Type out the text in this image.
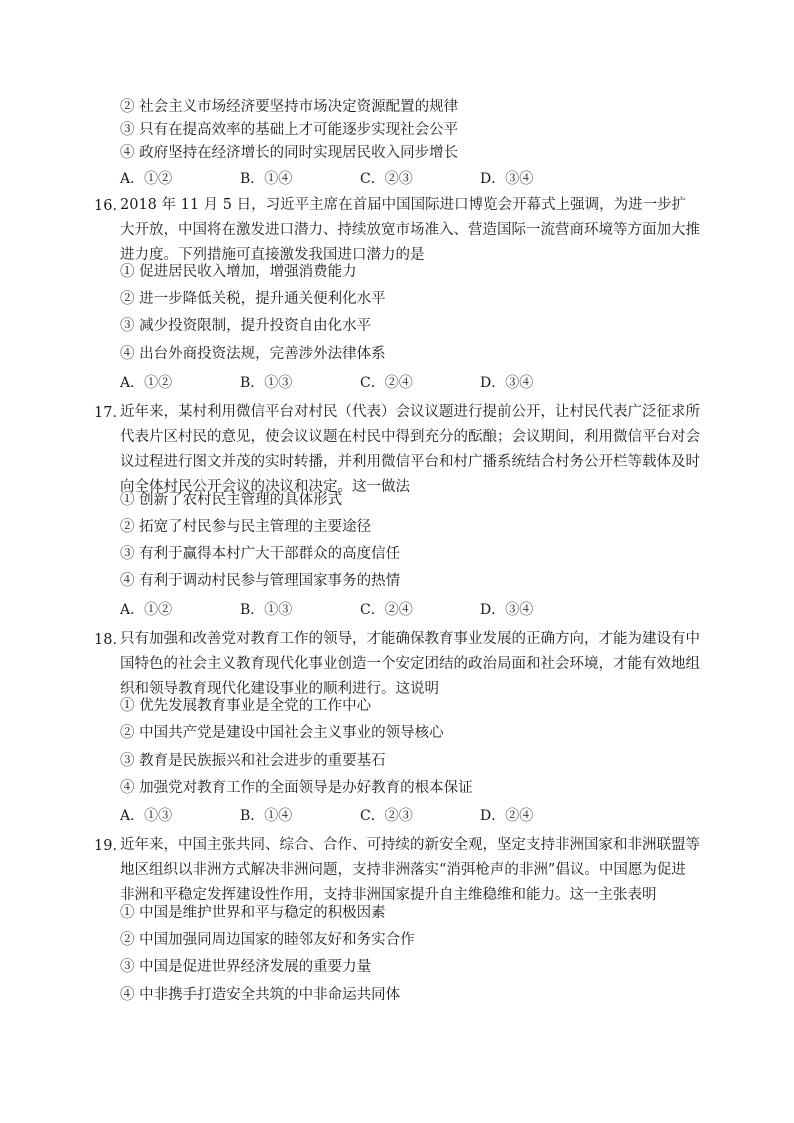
② 社会主义市场经济要坚持市场决定资源配置的规律
③ 只有在提高效率的基础上才可能逐步实现社会公平
④ 政府坚持在经济增长的同时实现居民收入同步增长
A．①②	B．①④	C．②③	D．③④
16．
2018 年 11 月 5 日，习近平主席在首届中国国际进口博览会开幕式上强调，为进一步扩大开放，中国将在激发进口潜力、持续放宽市场准入、营造国际一流营商环境等方面加大推进力度。下列措施可直接激发我国进口潜力的是
① 促进居民收入增加，增强消费能力
② 进一步降低关税，提升通关便利化水平
③ 减少投资限制，提升投资自由化水平
④ 出台外商投资法规，完善涉外法律体系
A．①②	B．①③	C．②④	D．③④
17．
近年来，某村利用微信平台对村民（代表）会议议题进行提前公开，让村民代表广泛征求所代表片区村民的意见，使会议议题在村民中得到充分的酝酿；会议期间，利用微信平台对会议过程进行图文并茂的实时转播，并利用微信平台和村广播系统结合村务公开栏等载体及时向全体村民公开会议的决议和决定。这一做法
① 创新了农村民主管理的具体形式
② 拓宽了村民参与民主管理的主要途径
③ 有利于赢得本村广大干部群众的高度信任
④ 有利于调动村民参与管理国家事务的热情
A．①②	B．①③	C．②④	D．③④
18．
只有加强和改善党对教育工作的领导，才能确保教育事业发展的正确方向，才能为建设有中国特色的社会主义教育现代化事业创造一个安定团结的政治局面和社会环境，才能有效地组织和领导教育现代化建设事业的顺利进行。这说明
① 优先发展教育事业是全党的工作中心
② 中国共产党是建设中国社会主义事业的领导核心
③ 教育是民族振兴和社会进步的重要基石
④ 加强党对教育工作的全面领导是办好教育的根本保证
A．①③	B．①④	C．②③	D．②④
19．
近年来，中国主张共同、综合、合作、可持续的新安全观，坚定支持非洲国家和非洲联盟等地区组织以非洲方式解决非洲问题，支持非洲落实“消弭枪声的非洲”倡议。中国愿为促进非洲和平稳定发挥建设性作用，支持非洲国家提升自主维稳维和能力。这一主张表明
① 中国是维护世界和平与稳定的积极因素
② 中国加强同周边国家的睦邻友好和务实合作
③ 中国是促进世界经济发展的重要力量
④ 中非携手打造安全共筑的中非命运共同体
